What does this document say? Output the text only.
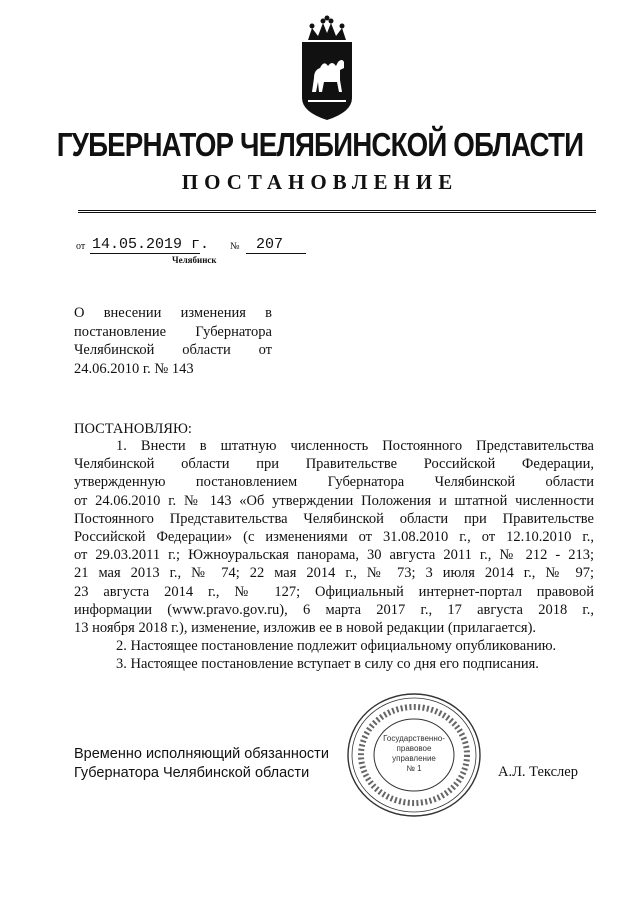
ГУБЕРНАТОР ЧЕЛЯБИНСКОЙ ОБЛАСТИ
ПОСТАНОВЛЕНИЕ
от 14.05.2019 г. № 207
Челябинск
О внесении изменения в
постановление Губернатора
Челябинской области от
24.06.2010 г. № 143
ПОСТАНОВЛЯЮ:
1. Внести в штатную численность Постоянного Представительства
Челябинской области при Правительстве Российской Федерации,
утвержденную постановлением Губернатора Челябинской области
от 24.06.2010 г. № 143 «Об утверждении Положения и штатной численности
Постоянного Представительства Челябинской области при Правительстве
Российской Федерации» (с изменениями от 31.08.2010 г., от 12.10.2010 г.,
от 29.03.2011 г.; Южноуральская панорама, 30 августа 2011 г., № 212 - 213;
21 мая 2013 г., № 74; 22 мая 2014 г., № 73; 3 июля 2014 г., № 97;
23 августа 2014 г., № 127; Официальный интернет-портал правовой
информации (www.pravo.gov.ru), 6 марта 2017 г., 17 августа 2018 г.,
13 ноября 2018 г.), изменение, изложив ее в новой редакции (прилагается).
2. Настоящее постановление подлежит официальному опубликованию.
3. Настоящее постановление вступает в силу со дня его подписания.
Временно исполняющий обязанности
Губернатора Челябинской области	А.Л. Текслер
Государственно-
правовое
управление
№ 1
